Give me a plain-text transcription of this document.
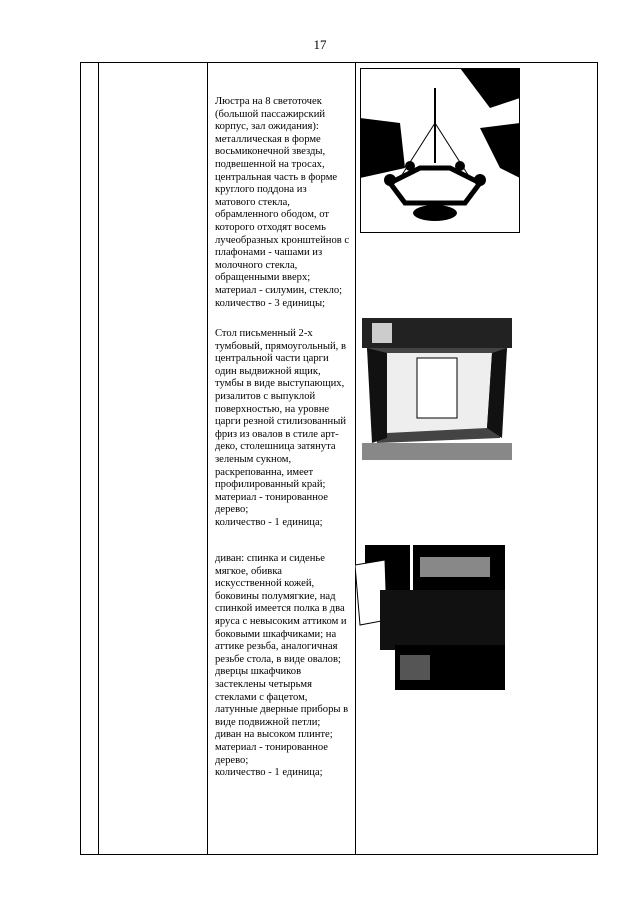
17
Люстра на 8 светоточек
(большой пассажирский
корпус, зал ожидания):
металлическая в форме
восьмиконечной звезды,
подвешенной на тросах,
центральная часть в форме
круглого поддона из
матового стекла,
обрамленного ободом, от
которого отходят восемь
лучеобразных кронштейнов с
плафонами - чашами из
молочного стекла,
обращенными вверх;
материал - силумин, стекло;
количество - 3 единицы;
Стол письменный 2-х
тумбовый, прямоугольный, в
центральной части царги
один выдвижной ящик,
тумбы в виде выступающих,
ризалитов с выпуклой
поверхностью, на уровне
царги резной стилизованный
фриз из овалов в стиле арт-
деко, столешница затянута
зеленым сукном,
раскрепованна, имеет
профилированный край;
материал - тонированное
дерево;
количество - 1 единица;
диван: спинка и сиденье
мягкое, обивка
искусственной кожей,
боковины полумягкие, над
спинкой имеется полка в два
яруса с невысоким аттиком и
боковыми шкафчиками; на
аттике резьба, аналогичная
резьбе стола, в виде овалов;
дверцы шкафчиков
застеклены четырьмя
стеклами с фацетом,
латунные дверные приборы в
виде подвижной петли;
диван на высоком плинте;
материал - тонированное
дерево;
количество - 1 единица;
